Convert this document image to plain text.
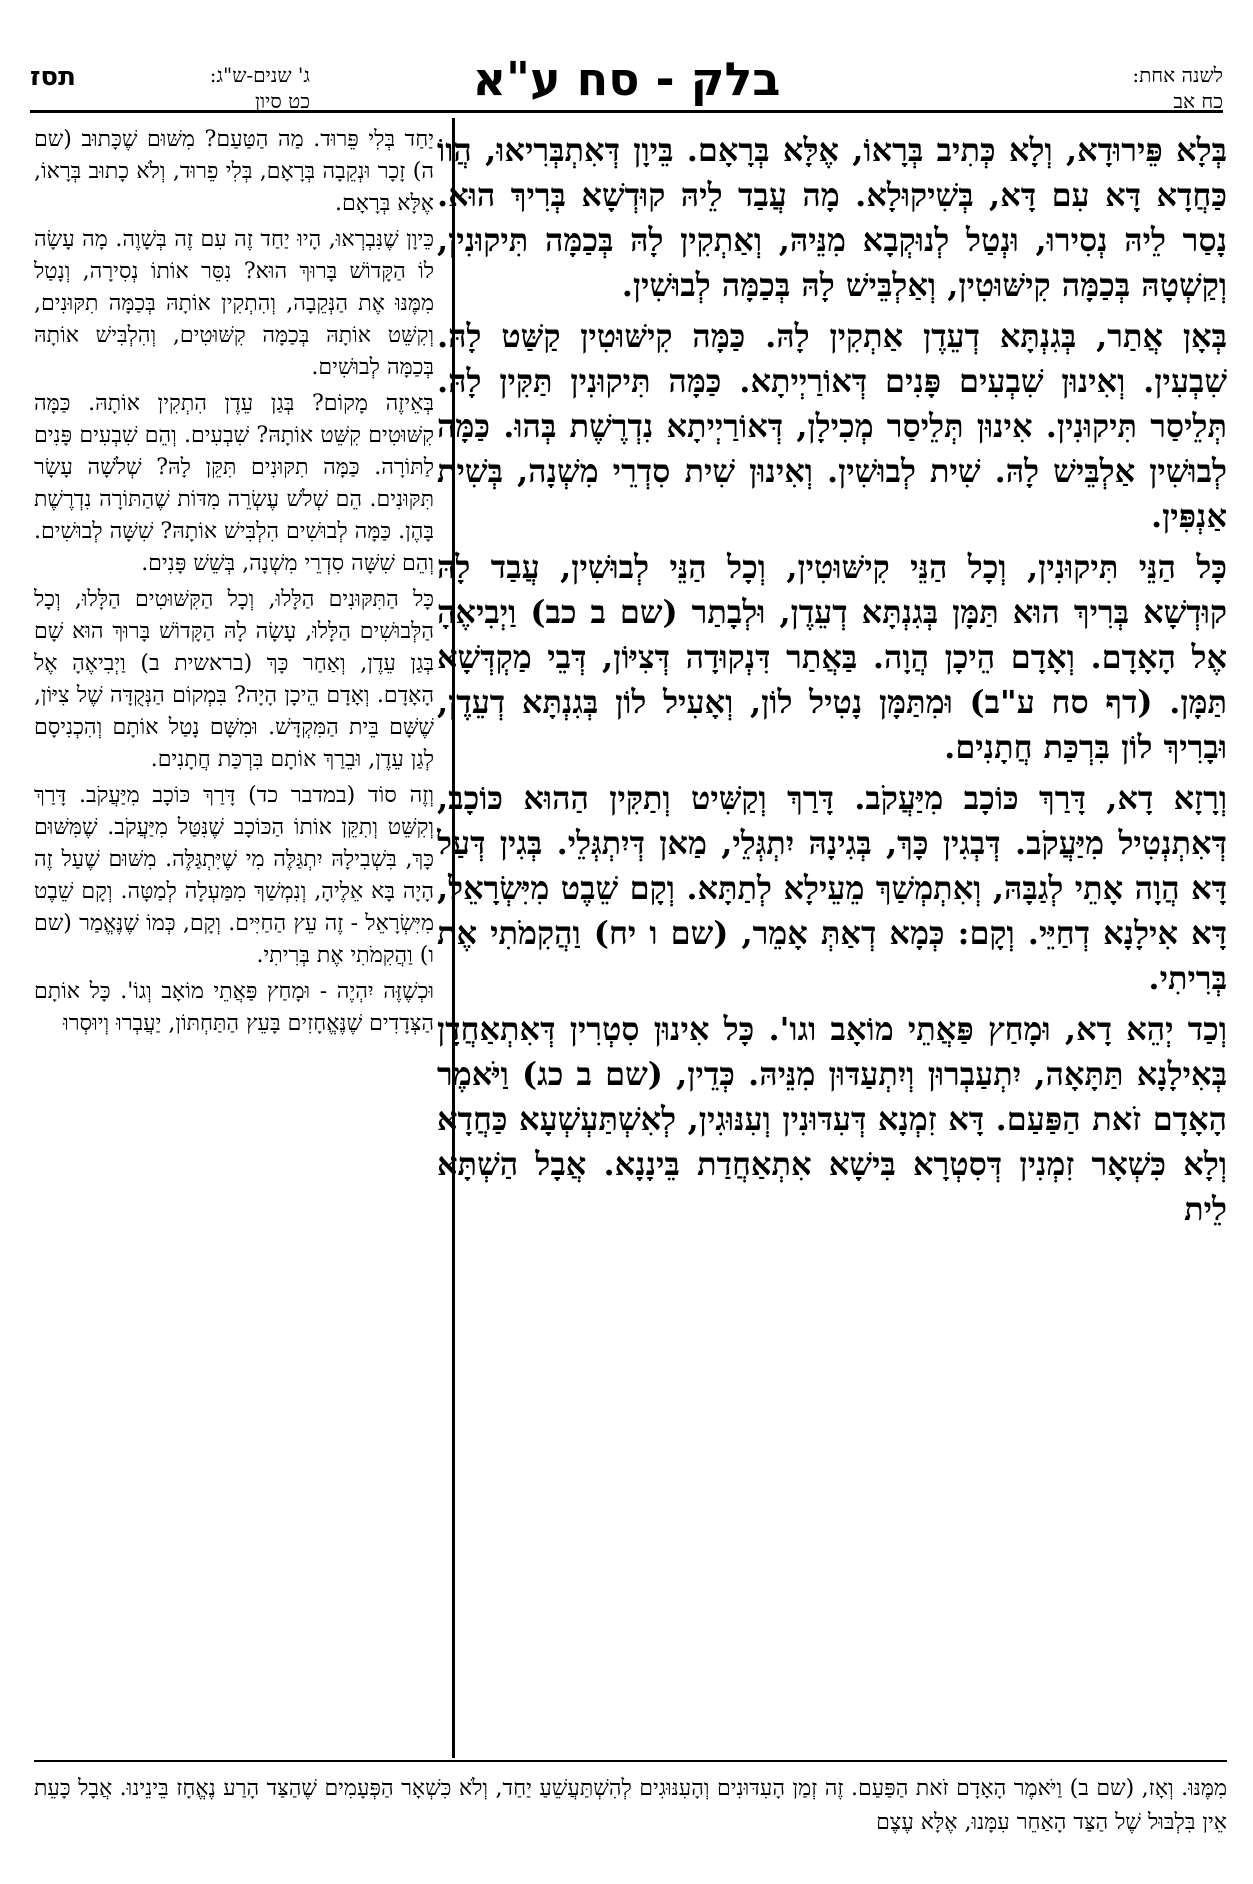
לשנה אחת:
כח אב
בלק - סח ע"א
ג' שנים-ש"ג:
כט סיון
תסז

בְּלָא פֵּירוּדָא, וְלָא כְּתִיב בְּרָאוֹ, אֶלָּא בְּרָאָם. בֵּיוָן דְּאִתְבְּרִיאוּ, הֲווֹ כַּחֲדָא דָּא עִם דָּא, בְּשִׁיקוּלָא. מָה עֲבַד לֵיהּ קוּדְשָׁא בְּרִיךְ הוּא. נָסַר לֵיהּ נְסִירוּ, וּנְטַל לְנוּקְבָא מִנֵּיהּ, וְאַתְקִין לָהּ בְּכַמָּה תִּיקוּנִין, וְקַשְׁטָהּ בְּכַמָּה קִישּׁוּטִין, וְאַלְבֵּישׁ לָהּ בְּכַמָּה לְבוּשִׁין.

בְּאָן אֲתַר, בְּגִנְתָּא דְעֵדֶן אַתְקִין לָהּ. כַּמָּה קִישּׁוּטִין קַשַּׁט לָהּ. שִׁבְעִין. וְאִינוּן שִׁבְעִים פָּנִים דְּאוֹרַיְיתָא. כַּמָּה תִּיקוּנִין תַּקִּין לָהּ. תְּלֵיסַר תִּיקוּנִין. אִינוּן תְּלֵיסַר מְכִילָן, דְּאוֹרַיְיתָא נִדְרֶשֶׁת בְּהוּ. כַּמָּה לְבוּשִׁין אַלְבֵּישׁ לָהּ. שִׁית לְבוּשִׁין. וְאִינוּן שִׁית סִדְרֵי מִשְׁנָה, בְּשִׁית אַנְפִּין.

כָּל הַנֵּי תִּיקוּנִין, וְכָל הַנֵּי קִישּׁוּטִין, וְכָל הַנֵּי לְבוּשִׁין, עֲבַד לָהּ קוּדְשָׁא בְּרִיךְ הוּא תַּמָּן בְּגִנְתָּא דְעֵדֶן, וּלְבָתַר (שם ב כב) וַיְבִיאֶהָ אֶל הָאָדָם. וְאָדָם הֵיכָן הֲוָה. בַּאֲתַר דִּנְקוּדָה דְּצִיּוֹן, דְּבֵי מַקְדְּשָׁא תַּמָּן. (דף סח ע"ב) וּמִתַּמָּן נָטִיל לוֹן, וְאָעִיל לוֹן בְּגִנְתָּא דְעֵדֶן, וּבָרִיךְ לוֹן בִּרְכַּת חֲתָנִים.

וְרָזָא דָא, דָּרַךְ כּוֹכָב מִיַּעֲקֹב. דָּרַךְ וְקַשִּׁיט וְתַקִּין הַהוּא כּוֹכָב, דְּאִתְנְטִיל מִיַּעֲקֹב. דְּבְגִין כָּךְ, בְּגִינָהּ יִתְגְּלֵי, מַאן דְּיִתְגְּלֵי. בְּגִין דְּעַל דָּא הֲוָה אָתֵי לְגַבָּהּ, וְאִתְמְשַׁךְ מֵעֵילָא לְתַתָּא. וְקָם שֵׁבֶט מִיִּשְׂרָאֵל, דָּא אִילָנָא דְחַיֵּי. וְקָם: כְּמָא דְאַתְּ אָמֵר, (שם ו יח) וַהֲקִמֹתִי אֶת בְּרִיתִי.

וְכַד יְהֵא דָא, וּמָחַץ פַּאֲתֵי מוֹאָב וגו'. כָּל אִינוּן סִטְרִין דְּאִתְאַחֲדָן בְּאִילָנָא תַּתָּאָה, יִתְעַבְרוּן וְיִתְעַדּוּן מִנֵּיהּ. כְּדֵין, (שם ב כג) וַיֹּאמֶר הָאָדָם זֹאת הַפַּעַם. דָּא זִמְנָא דְּעִדּוּנִין וְעִנּוּגִין, לְאִשְׁתַּעְשְׁעָא כַּחֲדָא וְלָא כִּשְׁאָר זִמְנִין דְּסִטְרָא בִּישָׁא אִתְאַחֲדַת בֵּינָנָא. אֲבָל הַשְׁתָּא לֵית

יַחַד בְּלִי פֵּרוּד. מַה הַטַּעַם? מִשּׁוּם שֶׁכָּתוּב (שם ה) זָכָר וּנְקֵבָה בְּרָאָם, בְּלִי פֵרוּד, וְלֹא כָתוּב בְּרָאוֹ, אֶלָּא בְּרָאָם.

כֵּיוָן שֶׁנִּבְרְאוּ, הָיוּ יַחַד זֶה עִם זֶה בְּשָׁוֶה. מָה עָשָׂה לוֹ הַקָּדוֹשׁ בָּרוּךְ הוּא? נִסֵּר אוֹתוֹ נְסִירָה, וְנָטַל מִמֶּנּוּ אֶת הַנְּקֵבָה, וְהִתְקִין אוֹתָהּ בְּכַמָּה תִקּוּנִים, וְקִשֵּׁט אוֹתָהּ בְּכַמָּה קִשּׁוּטִים, וְהִלְבִּישׁ אוֹתָהּ בְּכַמָּה לְבוּשִׁים.

בְּאֵיזֶה מָקוֹם? בְּגַן עֵדֶן הִתְקִין אוֹתָהּ. כַּמָּה קִשּׁוּטִים קִשֵּׁט אוֹתָהּ? שִׁבְעִים. וְהֵם שִׁבְעִים פָּנִים לַתּוֹרָה. כַּמָּה תִקּוּנִים תִּקֵּן לָהּ? שְׁלֹשָׁה עָשָׂר תִּקּוּנִים. הֵם שְׁלֹשׁ עֶשְׂרֵה מִדּוֹת שֶׁהַתּוֹרָה נִדְרֶשֶׁת בָּהֶן. כַּמָּה לְבוּשִׁים הִלְבִּישׁ אוֹתָהּ? שִׁשָּׁה לְבוּשִׁים. וְהֵם שִׁשָּׁה סִדְרֵי מִשְׁנָה, בְּשֵׁשׁ פָּנִים.

כָּל הַתִּקּוּנִים הַלָּלוּ, וְכָל הַקִּשּׁוּטִים הַלָּלוּ, וְכָל הַלְּבוּשִׁים הַלָּלוּ, עָשָׂה לָהּ הַקָּדוֹשׁ בָּרוּךְ הוּא שָׁם בְּגַן עֵדֶן, וְאַחַר כָּךְ (בראשית ב) וַיְבִיאֶהָ אֶל הָאָדָם. וְאָדָם הֵיכָן הָיָה? בִּמְקוֹם הַנְּקֻדָּה שֶׁל צִיּוֹן, שֶׁשָּׁם בֵּית הַמִּקְדָּשׁ. וּמִשָּׁם נָטַל אוֹתָם וְהִכְנִיסָם לְגַן עֵדֶן, וּבֵרַךְ אוֹתָם בִּרְכַּת חֲתָנִים.

וְזֶה סוֹד (במדבר כד) דָּרַךְ כּוֹכָב מִיַּעֲקֹב. דָּרַךְ וְקִשֵּׁט וְתִקֵּן אוֹתוֹ הַכּוֹכָב שֶׁנִּטַּל מִיַּעֲקֹב. שֶׁמִּשּׁוּם כָּךְ, בִּשְׁבִילָהּ יִתְגַּלֶּה מִי שֶׁיִּתְגַּלֶּה. מִשּׁוּם שֶׁעַל זֶה הָיָה בָּא אֵלֶיהָ, וְנִמְשַׁךְ מִמַּעְלָה לְמַטָּה. וְקָם שֵׁבֶט מִיִּשְׂרָאֵל - זֶה עֵץ הַחַיִּים. וְקָם, כְּמוֹ שֶׁנֶּאֱמַר (שם ו) וַהֲקִמֹתִי אֶת בְּרִיתִי.

וּכְשֶׁזֶּה יִהְיֶה - וּמָחַץ פַּאֲתֵי מוֹאָב וְגוֹ'. כָּל אוֹתָם הַצְּדָדִים שֶׁנֶּאֱחָזִים בָּעֵץ הַתַּחְתּוֹן, יַעֲבְרוּ וְיוּסְרוּ

מִמֶּנּוּ. וְאָז, (שם ב) וַיֹּאמֶר הָאָדָם זֹאת הַפַּעַם. זֶה זְמַן הָעִדּוּנִים וְהָעִנּוּגִים לְהִשְׁתַּעֲשֵׁעַ יַחַד, וְלֹא כִּשְׁאָר הַפְּעָמִים שֶׁהַצַּד הָרַע נֶאֱחָז בֵּינֵינוּ. אֲבָל כָּעֵת אֵין בִּלְבּוּל שֶׁל הַצַּד הָאַחֵר עִמָּנוּ, אֶלָּא עֶצֶם
